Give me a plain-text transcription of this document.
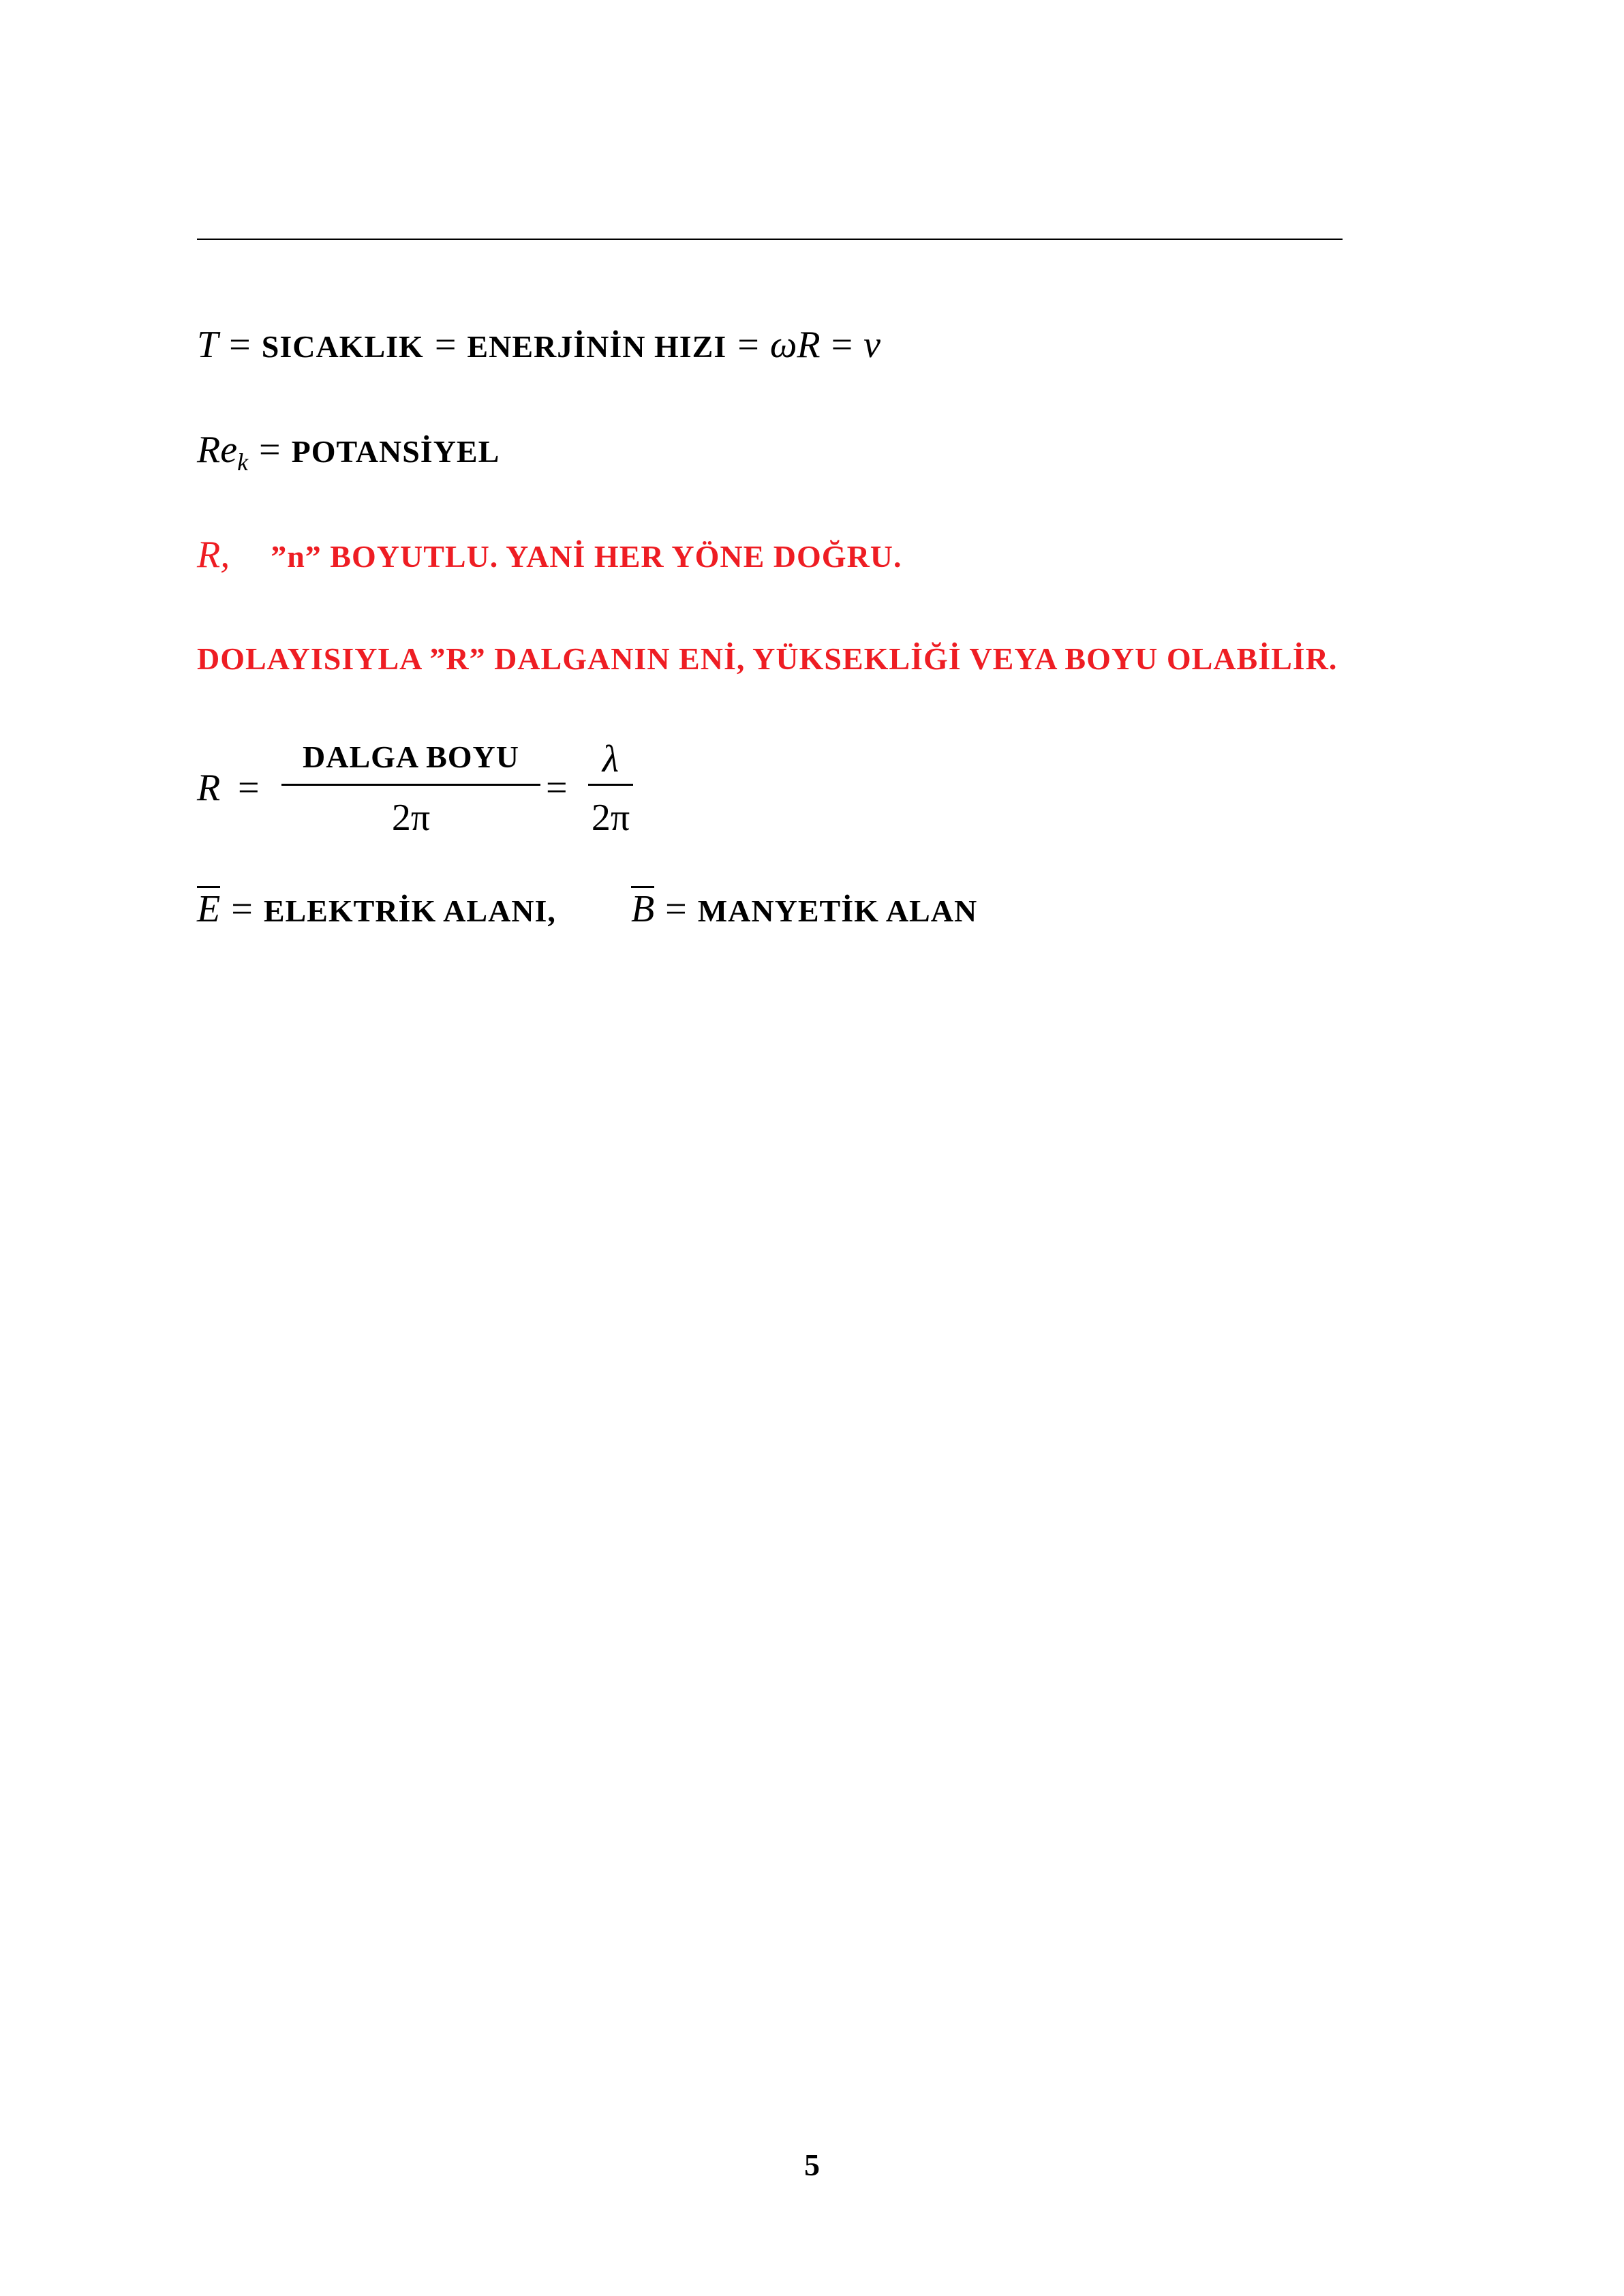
T = SICAKLIK = ENERJİNİN HIZI = ωR = v
$Re_k$ = POTANSİYEL
R, ”n” BOYUTLU. YANİ HER YÖNE DOĞRU.
DOLAYISIYLA ”R” DALGANIN ENİ, YÜKSEKLİĞİ VEYA BOYU OLABİLİR.
R =
DALGA BOYU
2π
=
λ
2π
E = ELEKTRİK ALANI, B = MANYETİK ALAN
5
